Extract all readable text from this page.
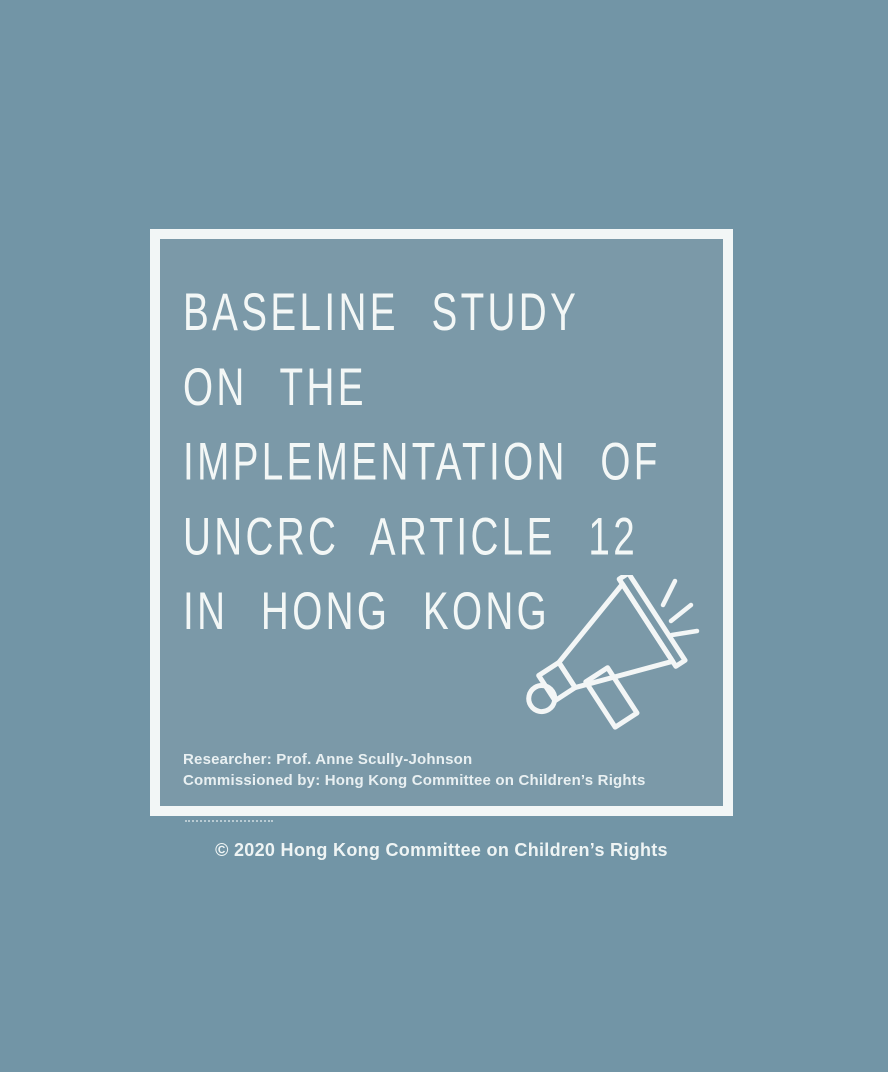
BASELINE STUDY
ON THE
IMPLEMENTATION OF
UNCRC ARTICLE 12
IN HONG KONG
Researcher: Prof. Anne Scully-Johnson
Commissioned by: Hong Kong Committee on Children’s Rights
© 2020 Hong Kong Committee on Children’s Rights
